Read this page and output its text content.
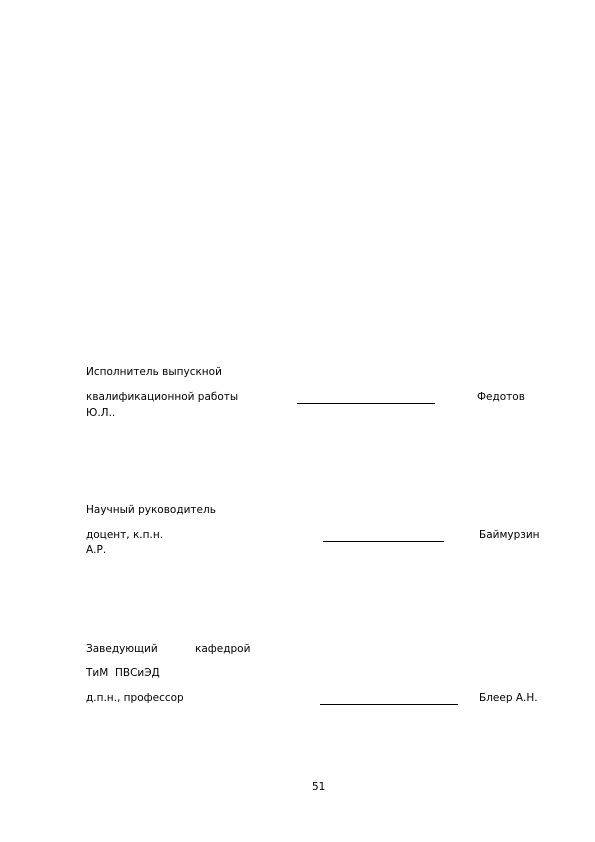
Исполнитель выпускной
квалификационной работы	Федотов
Ю.Л..
Научный руководитель
доцент, к.п.н.	Баймурзин
А.Р.
Заведующий	кафедрой
ТиМ  ПВСиЭД
д.п.н., профессор	Блеер А.Н.
51
